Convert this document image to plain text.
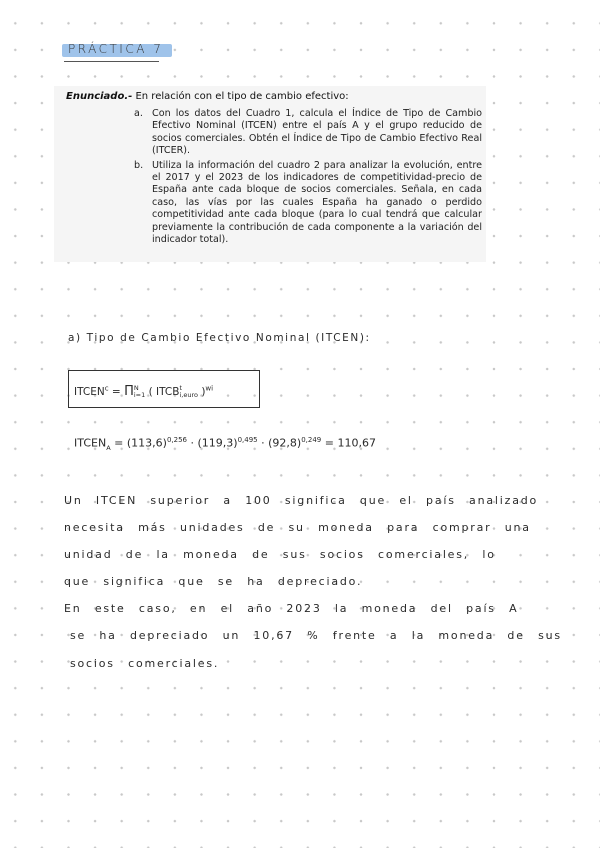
PRÁCTICA 7
Enunciado.- En relación con el tipo de cambio efectivo:
a. Con los datos del Cuadro 1, calcula el Índice de Tipo de Cambio Efectivo Nominal (ITCEN) entre el país A y el grupo reducido de socios comerciales. Obtén el Índice de Tipo de Cambio Efectivo Real (ITCER).
b. Utiliza la información del cuadro 2 para analizar la evolución, entre el 2017 y el 2023 de los indicadores de competitividad-precio de España ante cada bloque de socios comerciales. Señala, en cada caso, las vías por las cuales España ha ganado o perdido competitividad ante cada bloque (para lo cual tendrá que calcular previamente la contribución de cada componente a la variación del indicador total).
a) Tipo de Cambio Efectivo Nominal (ITCEN):
$ITCEN^c = \Pi$ N
i=1 ( ITCB t
i,euro )$^{wi}$
$ITCEN_A = (113,6)^{0,256} \cdot (119,3)^{0,495} \cdot (92,8)^{0,249} = 110,67$
Un ITCEN superior a 100 significa que el país analizado
necesita más unidades de su moneda para comprar una
unidad de la moneda de sus socios comerciales, lo
que significa que se ha depreciado.
En este caso, en el año 2023 la moneda del país A
se ha depreciado un 10,67 % frente a la moneda de sus
socios comerciales.
